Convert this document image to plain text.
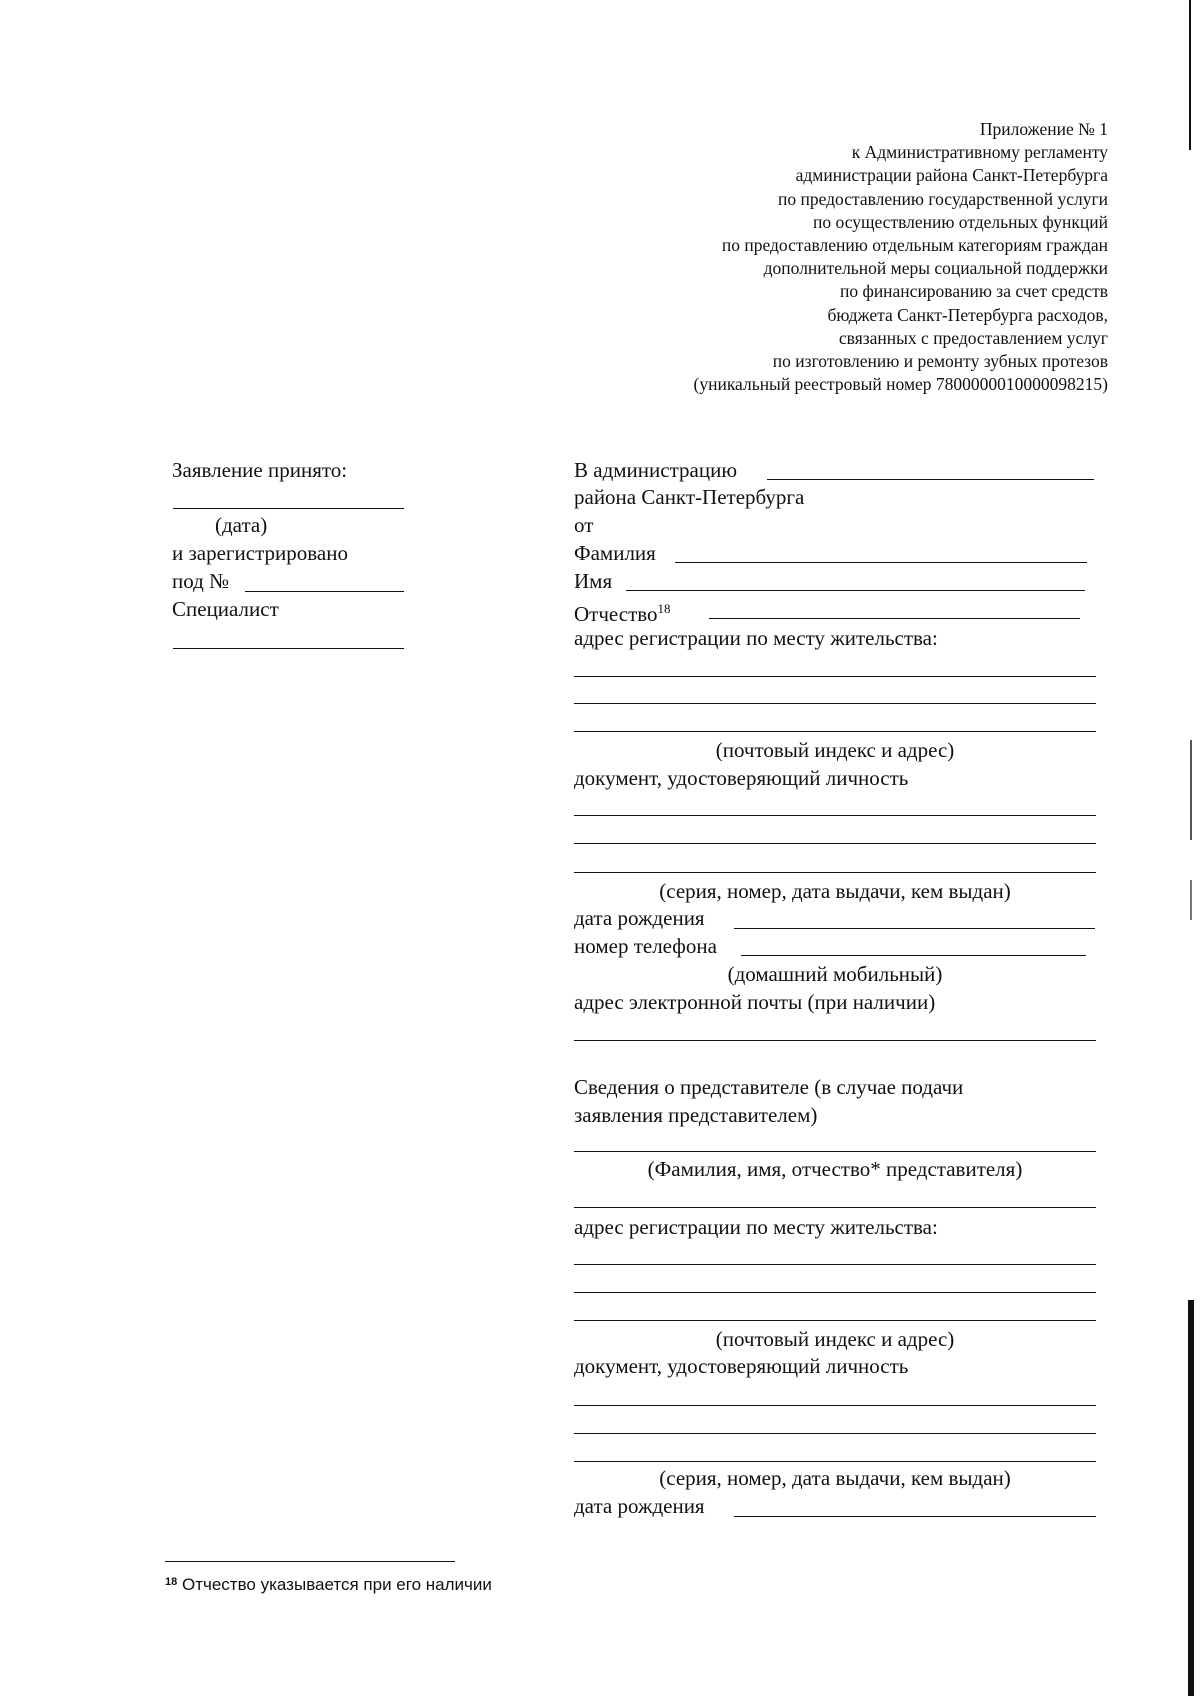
Приложение № 1
к Административному регламенту
администрации района Санкт-Петербурга
по предоставлению государственной услуги
по осуществлению отдельных функций
по предоставлению отдельным категориям граждан
дополнительной меры социальной поддержки
по финансированию за счет средств
бюджета Санкт-Петербурга расходов,
связанных с предоставлением услуг
по изготовлению и ремонту зубных протезов
(уникальный реестровый номер 7800000010000098215)
Заявление принято:
(дата)
и зарегистрировано
под №
Специалист
В администрацию
района Санкт-Петербурга
от
Фамилия
Имя
Отчество$^{18}$
адрес регистрации по месту жительства:
(почтовый индекс и адрес)
документ, удостоверяющий личность
(серия, номер, дата выдачи, кем выдан)
дата рождения
номер телефона
(домашний мобильный)
адрес электронной почты (при наличии)
Сведения о представителе (в случае подачи
заявления представителем)
(Фамилия, имя, отчество* представителя)
адрес регистрации по месту жительства:
(почтовый индекс и адрес)
документ, удостоверяющий личность
(серия, номер, дата выдачи, кем выдан)
дата рождения
$^{18}$ Отчество указывается при его наличии
